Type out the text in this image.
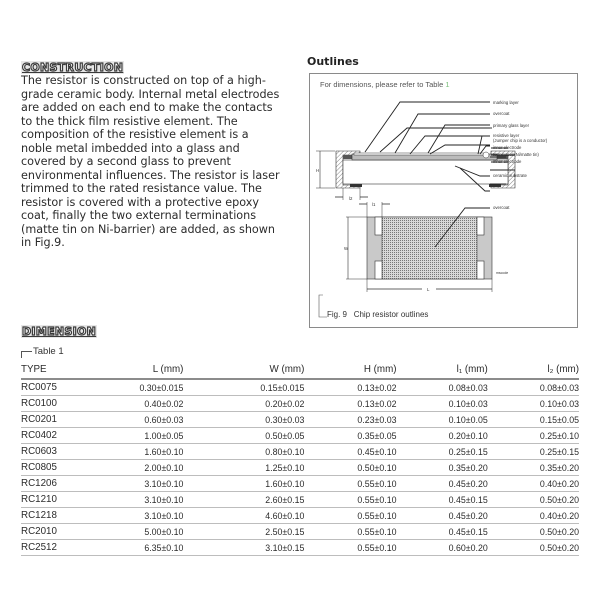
CONSTRUCTION
The resistor is constructed on top of a high-grade ceramic body. Internal metal electrodes are added on each end to make the contacts to the thick film resistive element. The composition of the resistive element is a noble metal imbedded into a glass and covered by a second glass to prevent environmental influences. The resistor is laser trimmed to the rated resistance value. The resistor is covered with a protective epoxy coat, finally the two external terminations (matte tin on Ni-barrier) are added, as shown in Fig.9.
Outlines
For dimensions, please refer to Table 1
H
l2
marking layer
overcoat
primary glass layer
resistive layer
(Jumper chip is a conductor)
inner electrode
termination(Ni/matte tin)
inner electrode
ceramic substrate
overcoat
l1
W
L
mscode
Fig. 9 Chip resistor outlines
DIMENSION
Table 1
TYPE	L (mm)	W (mm)	H (mm)	l₁ (mm)	l₂ (mm)
RC0075	0.30±0.015	0.15±0.015	0.13±0.02	0.08±0.03	0.08±0.03
RC0100	0.40±0.02	0.20±0.02	0.13±0.02	0.10±0.03	0.10±0.03
RC0201	0.60±0.03	0.30±0.03	0.23±0.03	0.10±0.05	0.15±0.05
RC0402	1.00±0.05	0.50±0.05	0.35±0.05	0.20±0.10	0.25±0.10
RC0603	1.60±0.10	0.80±0.10	0.45±0.10	0.25±0.15	0.25±0.15
RC0805	2.00±0.10	1.25±0.10	0.50±0.10	0.35±0.20	0.35±0.20
RC1206	3.10±0.10	1.60±0.10	0.55±0.10	0.45±0.20	0.40±0.20
RC1210	3.10±0.10	2.60±0.15	0.55±0.10	0.45±0.15	0.50±0.20
RC1218	3.10±0.10	4.60±0.10	0.55±0.10	0.45±0.20	0.40±0.20
RC2010	5.00±0.10	2.50±0.15	0.55±0.10	0.45±0.15	0.50±0.20
RC2512	6.35±0.10	3.10±0.15	0.55±0.10	0.60±0.20	0.50±0.20
